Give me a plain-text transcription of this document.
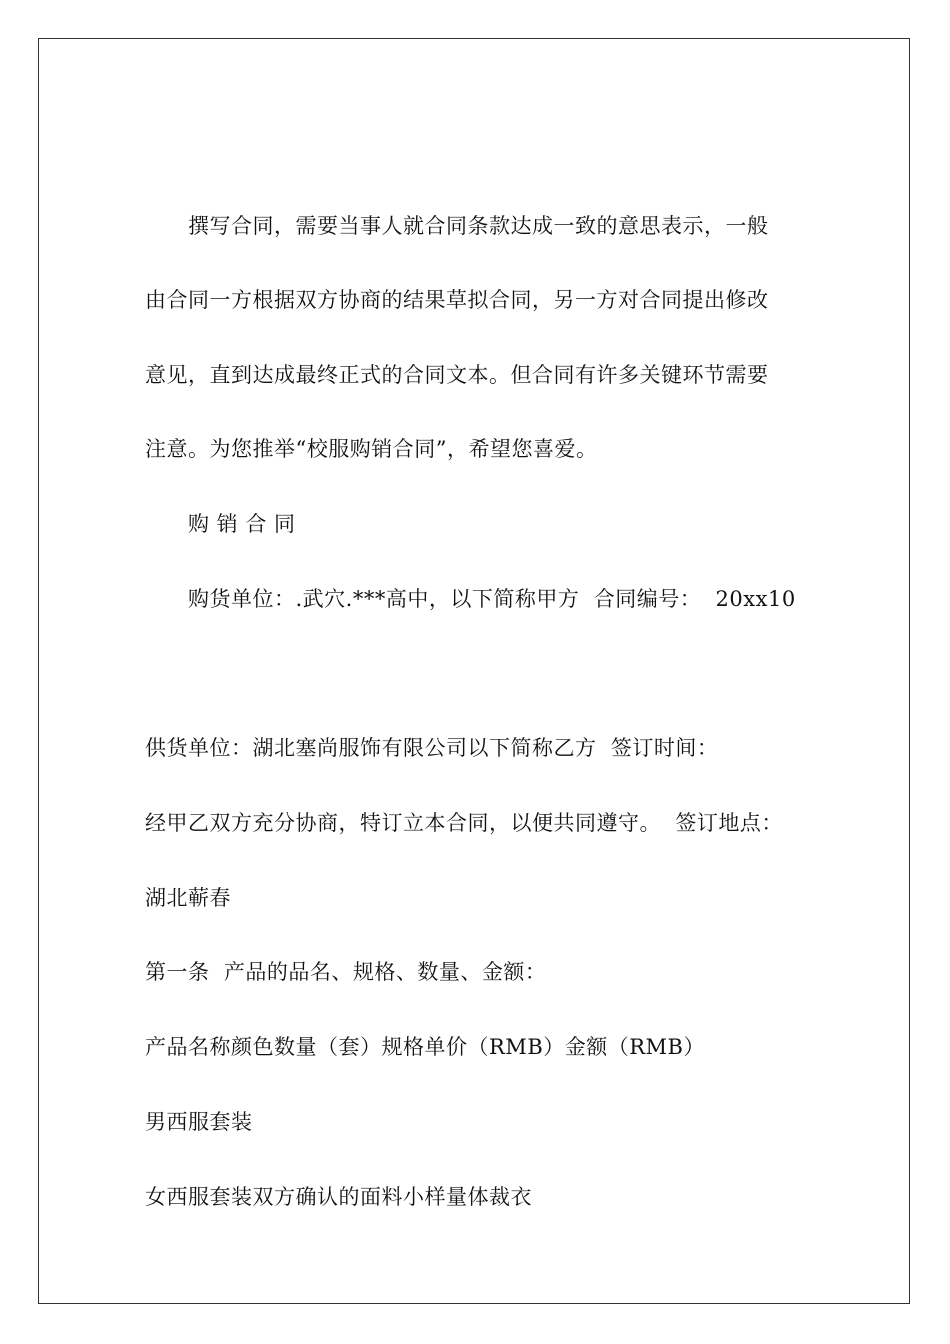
撰写合同，需要当事人就合同条款达成一致的意思表示，一般
由合同一方根据双方协商的结果草拟合同，另一方对合同提出修改
意见，直到达成最终正式的合同文本。但合同有许多关键环节需要
注意。为您推举“校服购销合同”，希望您喜爱。
购 销 合 同
购货单位：.武穴.***高中，以下简称甲方  合同编号：  20xx10
供货单位：湖北塞尚服饰有限公司以下简称乙方  签订时间：
经甲乙双方充分协商，特订立本合同，以便共同遵守。  签订地点：
湖北蕲春
第一条  产品的品名、规格、数量、金额：
产品名称颜色数量（套）规格单价（RMB）金额（RMB）
男西服套装
女西服套装双方确认的面料小样量体裁衣
